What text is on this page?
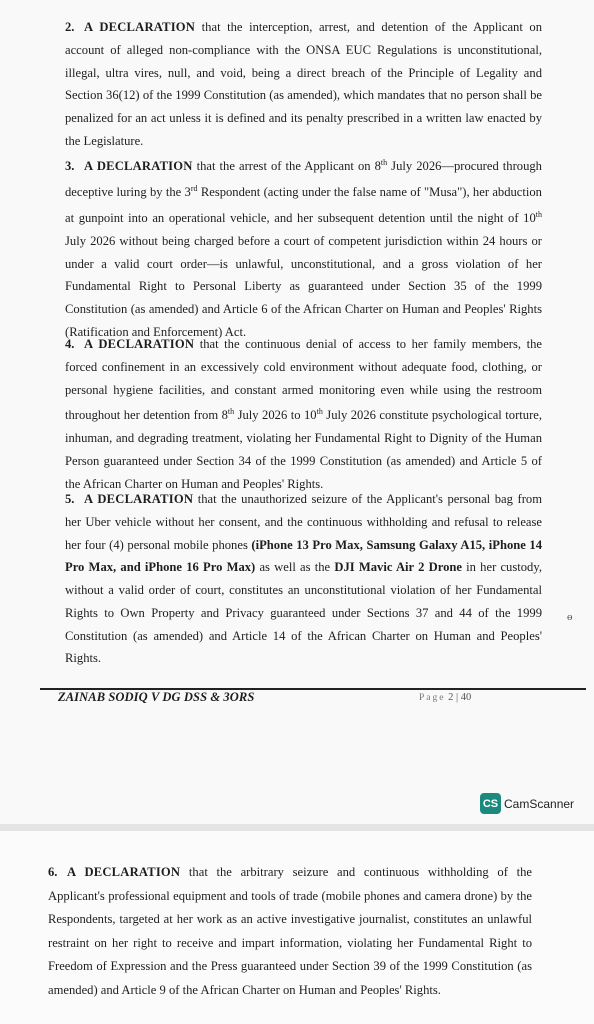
2. A DECLARATION that the interception, arrest, and detention of the Applicant on account of alleged non-compliance with the ONSA EUC Regulations is unconstitutional, illegal, ultra vires, null, and void, being a direct breach of the Principle of Legality and Section 36(12) of the 1999 Constitution (as amended), which mandates that no person shall be penalized for an act unless it is defined and its penalty prescribed in a written law enacted by the Legislature.

3. A DECLARATION that the arrest of the Applicant on 8th July 2026—procured through deceptive luring by the 3rd Respondent (acting under the false name of "Musa"), her abduction at gunpoint into an operational vehicle, and her subsequent detention until the night of 10th July 2026 without being charged before a court of competent jurisdiction within 24 hours or under a valid court order—is unlawful, unconstitutional, and a gross violation of her Fundamental Right to Personal Liberty as guaranteed under Section 35 of the 1999 Constitution (as amended) and Article 6 of the African Charter on Human and Peoples' Rights (Ratification and Enforcement) Act.

4. A DECLARATION that the continuous denial of access to her family members, the forced confinement in an excessively cold environment without adequate food, clothing, or personal hygiene facilities, and constant armed monitoring even while using the restroom throughout her detention from 8th July 2026 to 10th July 2026 constitute psychological torture, inhuman, and degrading treatment, violating her Fundamental Right to Dignity of the Human Person guaranteed under Section 34 of the 1999 Constitution (as amended) and Article 5 of the African Charter on Human and Peoples' Rights.

5. A DECLARATION that the unauthorized seizure of the Applicant's personal bag from her Uber vehicle without her consent, and the continuous withholding and refusal to release her four (4) personal mobile phones (iPhone 13 Pro Max, Samsung Galaxy A15, iPhone 14 Pro Max, and iPhone 16 Pro Max) as well as the DJI Mavic Air 2 Drone in her custody, without a valid order of court, constitutes an unconstitutional violation of her Fundamental Rights to Own Property and Privacy guaranteed under Sections 37 and 44 of the 1999 Constitution (as amended) and Article 14 of the African Charter on Human and Peoples' Rights.

ɵ
ZAINAB SODIQ V DG DSS & 3ORS	Page 2 | 40
CS CamScanner

6. A DECLARATION that the arbitrary seizure and continuous withholding of the Applicant's professional equipment and tools of trade (mobile phones and camera drone) by the Respondents, targeted at her work as an active investigative journalist, constitutes an unlawful restraint on her right to receive and impart information, violating her Fundamental Right to Freedom of Expression and the Press guaranteed under Section 39 of the 1999 Constitution (as amended) and Article 9 of the African Charter on Human and Peoples' Rights.
